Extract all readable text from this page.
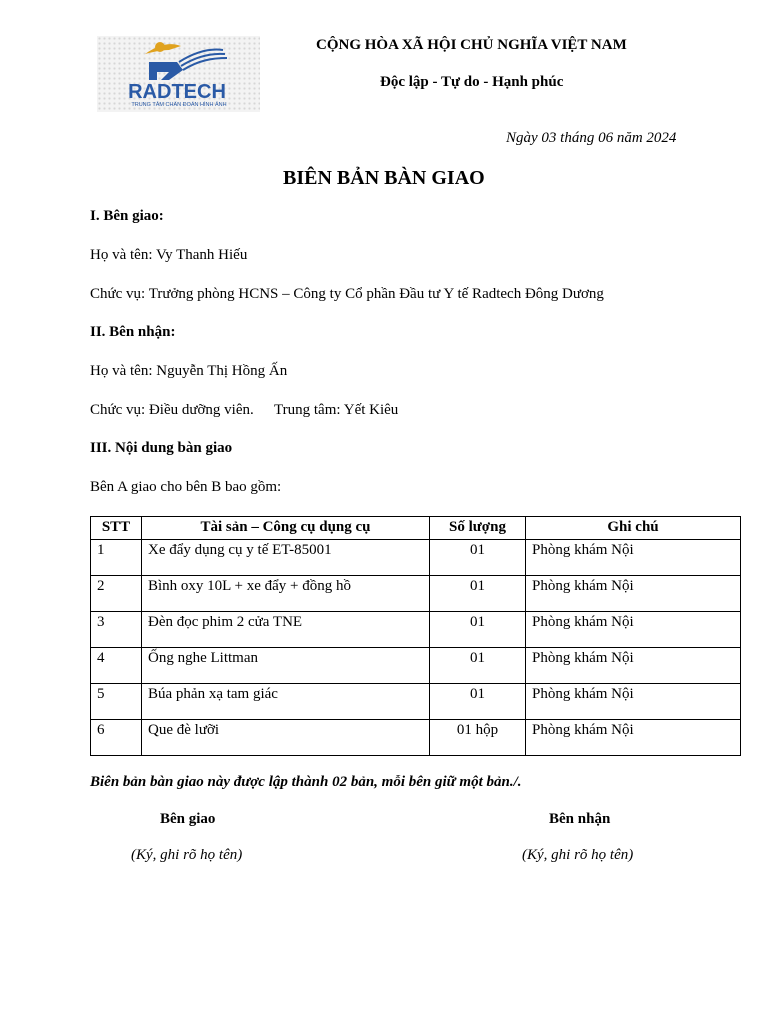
RADTECH
TRUNG TÂM CHẨN ĐOÁN HÌNH ẢNH
CỘNG HÒA XÃ HỘI CHỦ NGHĨA VIỆT NAM
Độc lập - Tự do - Hạnh phúc
Ngày 03 tháng 06 năm 2024
BIÊN BẢN BÀN GIAO
I. Bên giao:
Họ và tên: Vy Thanh Hiếu
Chức vụ: Trưởng phòng HCNS – Công ty Cổ phần Đầu tư Y tế Radtech Đông Dương
II. Bên nhận:
Họ và tên: Nguyễn Thị Hồng Ấn
Chức vụ: Điều dưỡng viên. Trung tâm: Yết Kiêu
III. Nội dung bàn giao
Bên A giao cho bên B bao gồm:
STT	Tài sản – Công cụ dụng cụ	Số lượng	Ghi chú
1	Xe đẩy dụng cụ y tế ET-85001	01	Phòng khám Nội
2	Bình oxy 10L + xe đẩy + đồng hồ	01	Phòng khám Nội
3	Đèn đọc phim 2 cửa TNE	01	Phòng khám Nội
4	Ống nghe Littman	01	Phòng khám Nội
5	Búa phản xạ tam giác	01	Phòng khám Nội
6	Que đè lưỡi	01 hộp	Phòng khám Nội
Biên bản bàn giao này được lập thành 02 bản, mỗi bên giữ một bản./.
Bên giao
(Ký, ghi rõ họ tên)
Bên nhận
(Ký, ghi rõ họ tên)
